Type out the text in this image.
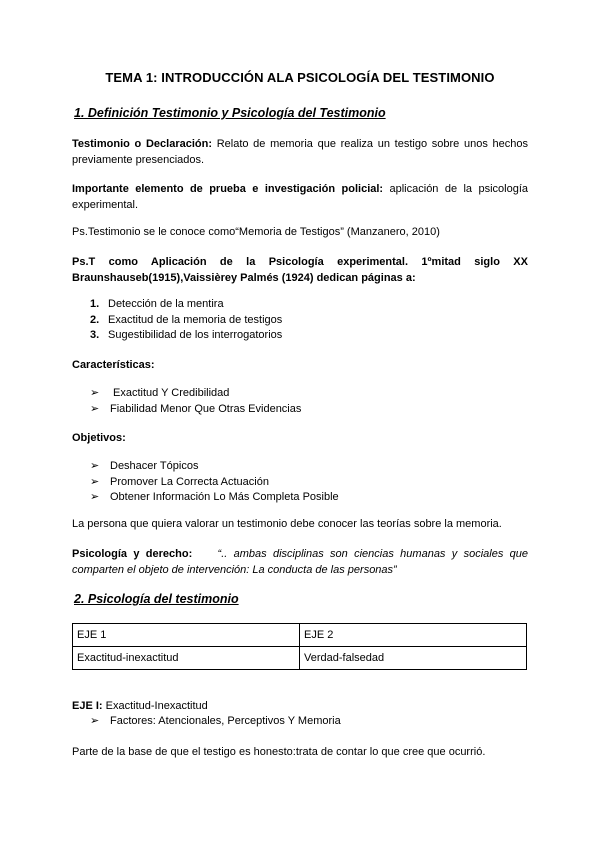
TEMA 1: INTRODUCCIÓN ALA PSICOLOGÍA DEL TESTIMONIO
1. Definición Testimonio y Psicología del Testimonio

Testimonio o Declaración: Relato de memoria que realiza un testigo sobre unos hechos previamente presenciados.

Importante elemento de prueba e investigación policial: aplicación de la psicología experimental.

Ps.Testimonio se le conoce como“Memoria de Testigos” (Manzanero, 2010)

Ps.T como Aplicación de la Psicología experimental. 1ºmitad siglo XX Braunshauseb(1915),Vaissièrey Palmés (1924) dedican páginas a:

1. Detección de la mentira
2. Exactitud de la memoria de testigos
3. Sugestibilidad de los interrogatorios

Características:

➢	Exactitud Y Credibilidad
➢ Fiabilidad Menor Que Otras Evidencias

Objetivos:

➢ Deshacer Tópicos
➢ Promover La Correcta Actuación
➢ Obtener Información Lo Más Completa Posible

La persona que quiera valorar un testimonio debe conocer las teorías sobre la memoria.

Psicología y derecho: “.. ambas disciplinas son ciencias humanas y sociales que comparten el objeto de intervención: La conducta de las personas”

2. Psicología del testimonio
EJE 1	EJE 2
Exactitud-inexactitud	Verdad-falsedad

EJE I: Exactitud-Inexactitud

➢ Factores: Atencionales, Perceptivos Y Memoria

Parte de la base de que el testigo es honesto:trata de contar lo que cree que ocurrió.
